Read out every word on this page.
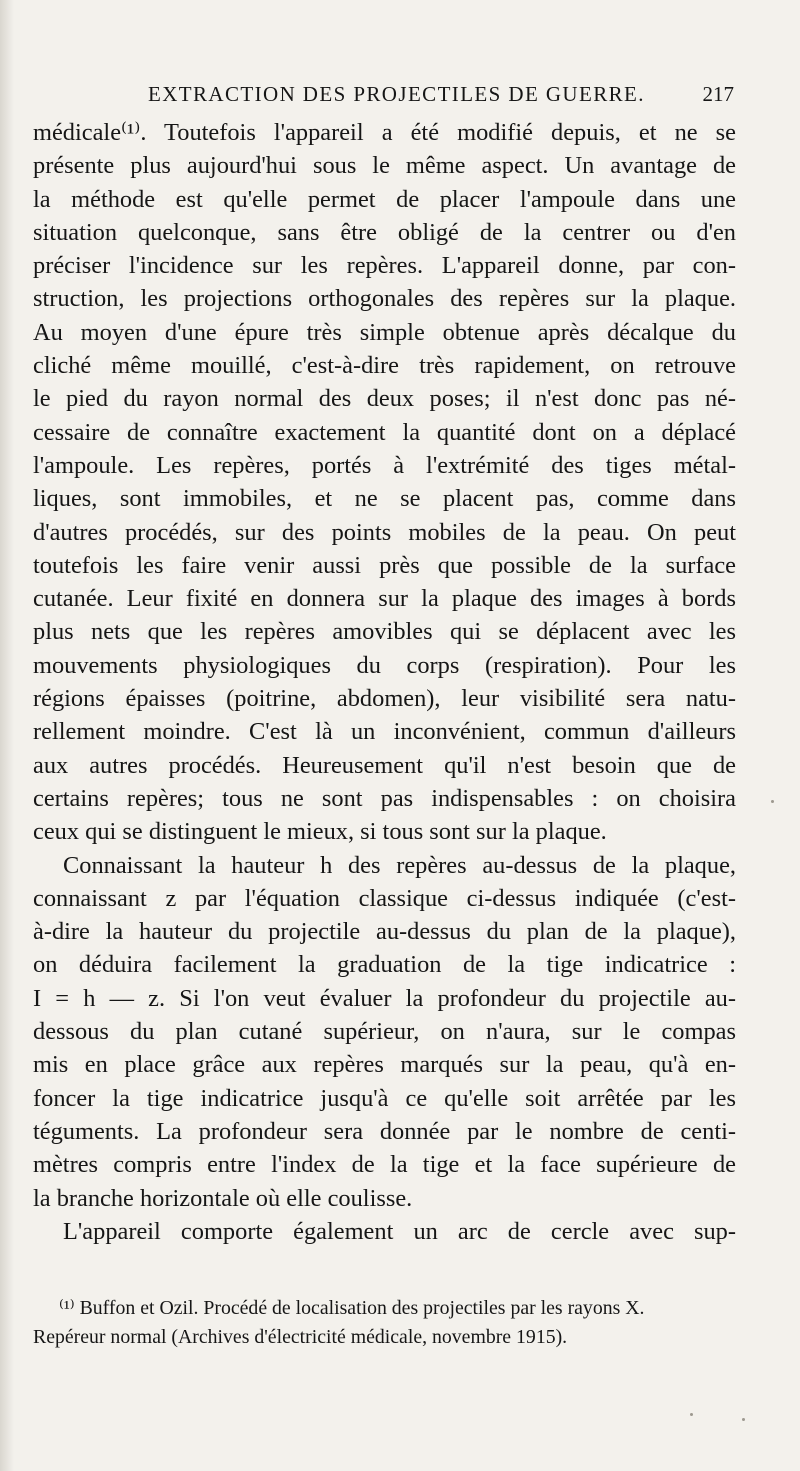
EXTRACTION DES PROJECTILES DE GUERRE.	217
médicale⁽¹⁾. Toutefois l'appareil a été modifié depuis, et ne se
présente plus aujourd'hui sous le même aspect. Un avantage de
la méthode est qu'elle permet de placer l'ampoule dans une
situation quelconque, sans être obligé de la centrer ou d'en
préciser l'incidence sur les repères. L'appareil donne, par con-
struction, les projections orthogonales des repères sur la plaque.
Au moyen d'une épure très simple obtenue après décalque du
cliché même mouillé, c'est-à-dire très rapidement, on retrouve
le pied du rayon normal des deux poses; il n'est donc pas né-
cessaire de connaître exactement la quantité dont on a déplacé
l'ampoule. Les repères, portés à l'extrémité des tiges métal-
liques, sont immobiles, et ne se placent pas, comme dans
d'autres procédés, sur des points mobiles de la peau. On peut
toutefois les faire venir aussi près que possible de la surface
cutanée. Leur fixité en donnera sur la plaque des images à bords
plus nets que les repères amovibles qui se déplacent avec les
mouvements physiologiques du corps (respiration). Pour les
régions épaisses (poitrine, abdomen), leur visibilité sera natu-
rellement moindre. C'est là un inconvénient, commun d'ailleurs
aux autres procédés. Heureusement qu'il n'est besoin que de
certains repères; tous ne sont pas indispensables : on choisira
ceux qui se distinguent le mieux, si tous sont sur la plaque.
Connaissant la hauteur h des repères au-dessus de la plaque,
connaissant z par l'équation classique ci-dessus indiquée (c'est-
à-dire la hauteur du projectile au-dessus du plan de la plaque),
on déduira facilement la graduation de la tige indicatrice :
I = h — z. Si l'on veut évaluer la profondeur du projectile au-
dessous du plan cutané supérieur, on n'aura, sur le compas
mis en place grâce aux repères marqués sur la peau, qu'à en-
foncer la tige indicatrice jusqu'à ce qu'elle soit arrêtée par les
téguments. La profondeur sera donnée par le nombre de centi-
mètres compris entre l'index de la tige et la face supérieure de
la branche horizontale où elle coulisse.
L'appareil comporte également un arc de cercle avec sup-
⁽¹⁾ Buffon et Ozil. Procédé de localisation des projectiles par les rayons X.
Repéreur normal (Archives d'électricité médicale, novembre 1915).
